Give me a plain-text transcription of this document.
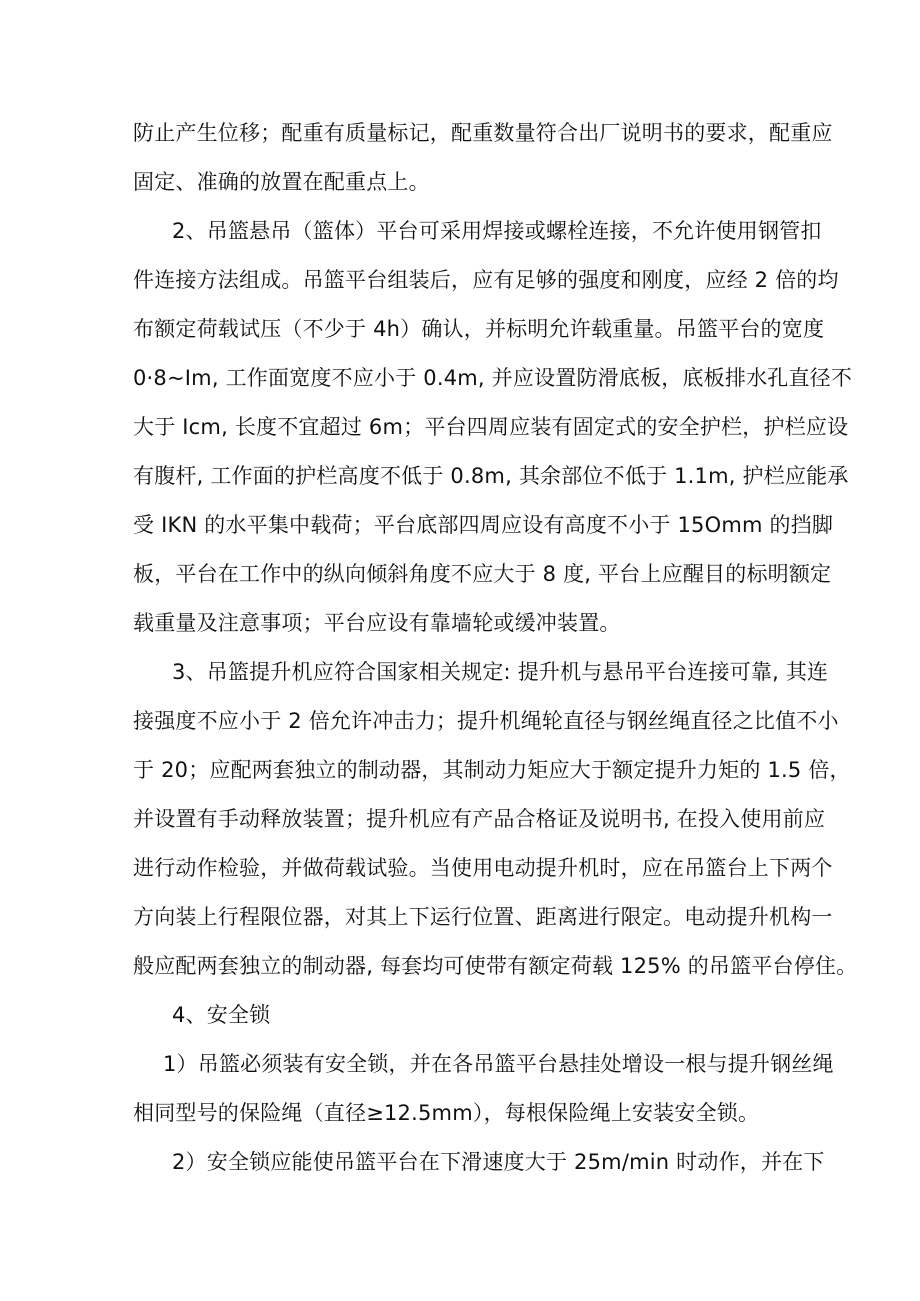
防止产生位移；配重有质量标记，配重数量符合出厂说明书的要求，配重应
固定、准确的放置在配重点上。
2、吊篮悬吊（篮体）平台可采用焊接或螺栓连接，不允许使用钢管扣
件连接方法组成。吊篮平台组装后，应有足够的强度和刚度，应经 2 倍的均
布额定荷载试压（不少于 4h）确认，并标明允许载重量。吊篮平台的宽度
0·8~Im, 工作面宽度不应小于 0.4m, 并应设置防滑底板，底板排水孔直径不
大于 Icm, 长度不宜超过 6m；平台四周应装有固定式的安全护栏，护栏应设
有腹杆, 工作面的护栏高度不低于 0.8m, 其余部位不低于 1.1m, 护栏应能承
受 IKN 的水平集中载荷；平台底部四周应设有高度不小于 15Omm 的挡脚
板，平台在工作中的纵向倾斜角度不应大于 8 度, 平台上应醒目的标明额定
载重量及注意事项；平台应设有靠墙轮或缓冲装置。
3、吊篮提升机应符合国家相关规定: 提升机与悬吊平台连接可靠, 其连
接强度不应小于 2 倍允许冲击力；提升机绳轮直径与钢丝绳直径之比值不小
于 20；应配两套独立的制动器，其制动力矩应大于额定提升力矩的 1.5 倍，
并设置有手动释放装置；提升机应有产品合格证及说明书, 在投入使用前应
进行动作检验，并做荷载试验。当使用电动提升机时，应在吊篮台上下两个
方向装上行程限位器，对其上下运行位置、距离进行限定。电动提升机构一
般应配两套独立的制动器, 每套均可使带有额定荷载 125% 的吊篮平台停住。
4、安全锁
1）吊篮必须装有安全锁，并在各吊篮平台悬挂处增设一根与提升钢丝绳
相同型号的保险绳（直径≥12.5mm），每根保险绳上安装安全锁。
2）安全锁应能使吊篮平台在下滑速度大于 25m/min 时动作，并在下
